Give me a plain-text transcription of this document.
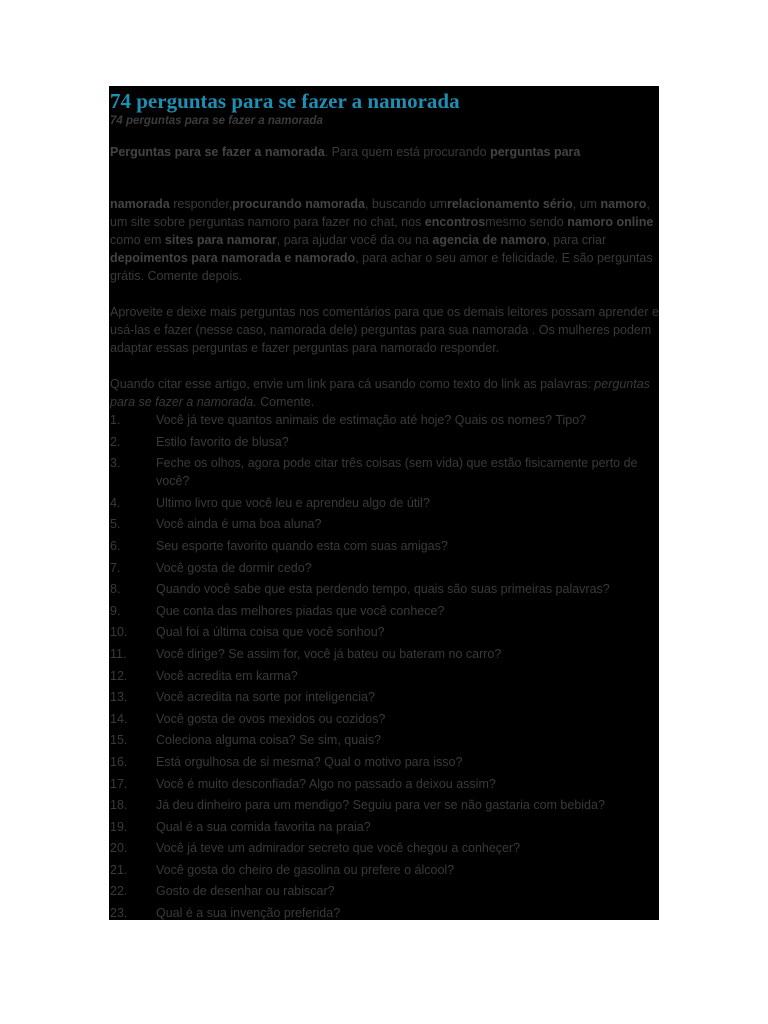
74 perguntas para se fazer a namorada
74 perguntas para se fazer a namorada

Perguntas para se fazer a namorada. Para quem está procurando perguntas para

namorada responder,procurando namorada, buscando umrelacionamento sério, um namoro, um site sobre perguntas namoro para fazer no chat, nos encontrosmesmo sendo namoro online como em sites para namorar, para ajudar você da ou na agencia de namoro, para criar depoimentos para namorada e namorado, para achar o seu amor e felicidade. E são perguntas grátis. Comente depois.

Aproveite e deixe mais perguntas nos comentários para que os demais leitores possam aprender e usá-las e fazer (nesse caso, namorada dele) perguntas para sua namorada . Os mulheres podem adaptar essas perguntas e fazer perguntas para namorado responder.

Quando citar esse artigo, envie um link para cá usando como texto do link as palavras: perguntas para se fazer a namorada. Comente.

1.	Você já teve quantos animais de estimação até hoje? Quais os nomes? Tipo?
2.	Estilo favorito de blusa?
3.	Feche os olhos, agora pode citar três coisas (sem vida) que estão fisicamente perto de você?
4.	Ultimo livro que você leu e aprendeu algo de útil?
5.	Você ainda é uma boa aluna?
6.	Seu esporte favorito quando esta com suas amigas?
7.	Você gosta de dormir cedo?
8.	Quando você sabe que esta perdendo tempo, quais são suas primeiras palavras?
9.	Que conta das melhores piadas que você conhece?
10. Qual foi a última coisa que você sonhou?
11. Você dirige? Se assim for, você já bateu ou bateram no carro?
12. Você acredita em karma?
13. Você acredita na sorte por inteligencia?
14. Você gosta de ovos mexidos ou cozidos?
15. Coleciona alguma coisa? Se sim, quais?
16. Está orgulhosa de si mesma? Qual o motivo para isso?
17. Você é muito desconfiada? Algo no passado a deixou assim?
18. Já deu dinheiro para um mendigo? Seguiu para ver se não gastaria com bebida?
19. Qual é a sua comida favorita na praia?
20. Você já teve um admirador secreto que você chegou a conheçer?
21. Você gosta do cheiro de gasolina ou prefere o álcool?
22. Gosto de desenhar ou rabiscar?
23. Qual é a sua invenção preferida?
